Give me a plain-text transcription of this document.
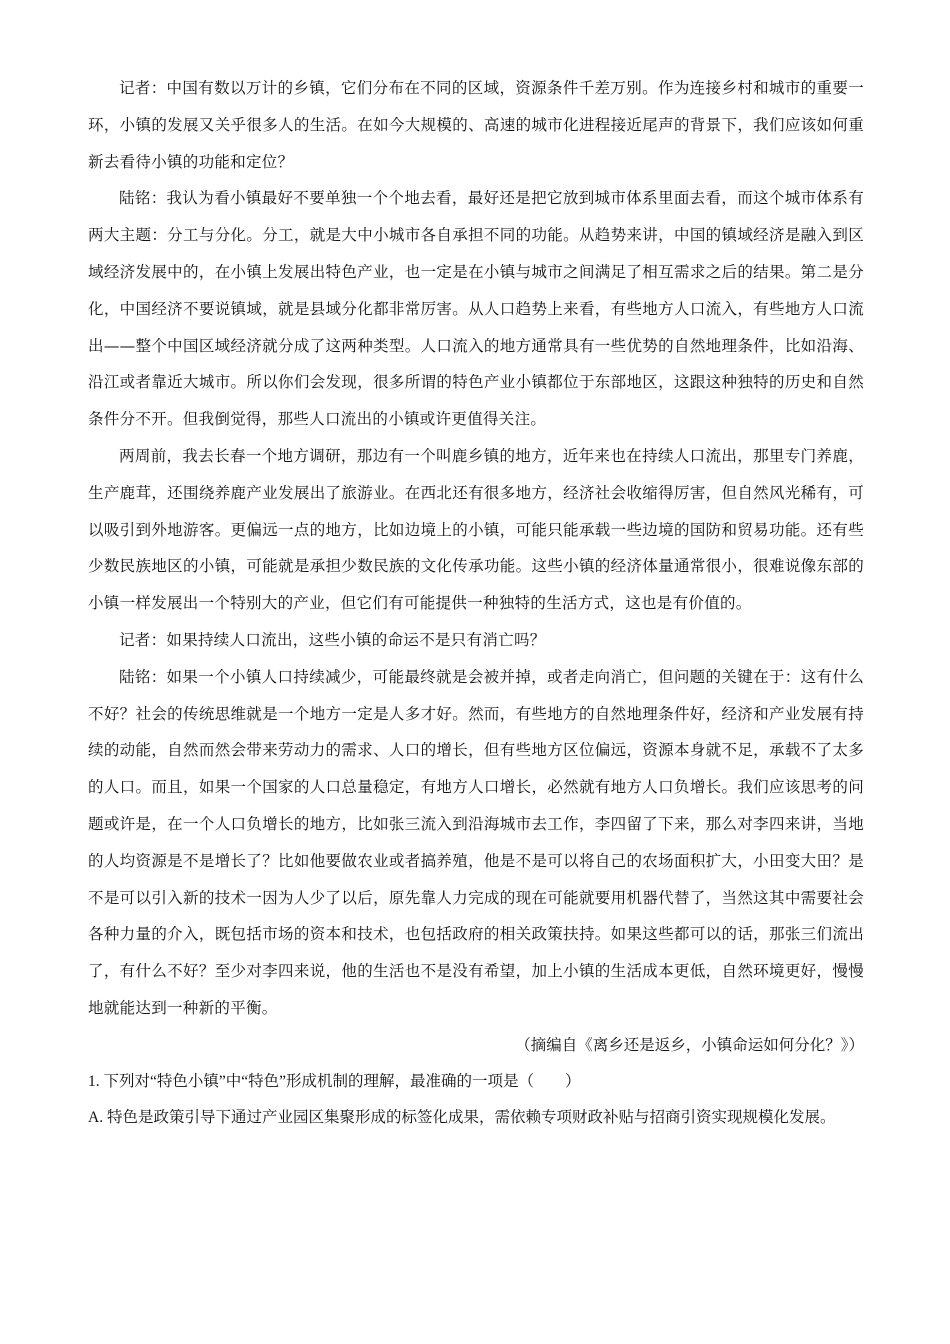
记者：中国有数以万计的乡镇，它们分布在不同的区域，资源条件千差万别。作为连接乡村和城市的重要一环，小镇的发展又关乎很多人的生活。在如今大规模的、高速的城市化进程接近尾声的背景下，我们应该如何重新去看待小镇的功能和定位？

陆铭：我认为看小镇最好不要单独一个个地去看，最好还是把它放到城市体系里面去看，而这个城市体系有两大主题：分工与分化。分工，就是大中小城市各自承担不同的功能。从趋势来讲，中国的镇域经济是融入到区域经济发展中的，在小镇上发展出特色产业，也一定是在小镇与城市之间满足了相互需求之后的结果。第二是分化，中国经济不要说镇域，就是县域分化都非常厉害。从人口趋势上来看，有些地方人口流入，有些地方人口流出——整个中国区域经济就分成了这两种类型。人口流入的地方通常具有一些优势的自然地理条件，比如沿海、沿江或者靠近大城市。所以你们会发现，很多所谓的特色产业小镇都位于东部地区，这跟这种独特的历史和自然条件分不开。但我倒觉得，那些人口流出的小镇或许更值得关注。

两周前，我去长春一个地方调研，那边有一个叫鹿乡镇的地方，近年来也在持续人口流出，那里专门养鹿，生产鹿茸，还围绕养鹿产业发展出了旅游业。在西北还有很多地方，经济社会收缩得厉害，但自然风光稀有，可以吸引到外地游客。更偏远一点的地方，比如边境上的小镇，可能只能承载一些边境的国防和贸易功能。还有些少数民族地区的小镇，可能就是承担少数民族的文化传承功能。这些小镇的经济体量通常很小，很难说像东部的小镇一样发展出一个特别大的产业，但它们有可能提供一种独特的生活方式，这也是有价值的。

记者：如果持续人口流出，这些小镇的命运不是只有消亡吗？

陆铭：如果一个小镇人口持续减少，可能最终就是会被并掉，或者走向消亡，但问题的关键在于：这有什么不好？社会的传统思维就是一个地方一定是人多才好。然而，有些地方的自然地理条件好，经济和产业发展有持续的动能，自然而然会带来劳动力的需求、人口的增长，但有些地方区位偏远，资源本身就不足，承载不了太多的人口。而且，如果一个国家的人口总量稳定，有地方人口增长，必然就有地方人口负增长。我们应该思考的问题或许是，在一个人口负增长的地方，比如张三流入到沿海城市去工作，李四留了下来，那么对李四来讲，当地的人均资源是不是增长了？比如他要做农业或者搞养殖，他是不是可以将自己的农场面积扩大，小田变大田？是不是可以引入新的技术一因为人少了以后，原先靠人力完成的现在可能就要用机器代替了，当然这其中需要社会各种力量的介入，既包括市场的资本和技术，也包括政府的相关政策扶持。如果这些都可以的话，那张三们流出了，有什么不好？至少对李四来说，他的生活也不是没有希望，加上小镇的生活成本更低，自然环境更好，慢慢地就能达到一种新的平衡。

（摘编自《离乡还是返乡，小镇命运如何分化？》）

1. 下列对“特色小镇”中“特色”形成机制的理解，最准确的一项是（　　）

A. 特色是政策引导下通过产业园区集聚形成的标签化成果，需依赖专项财政补贴与招商引资实现规模化发展。
